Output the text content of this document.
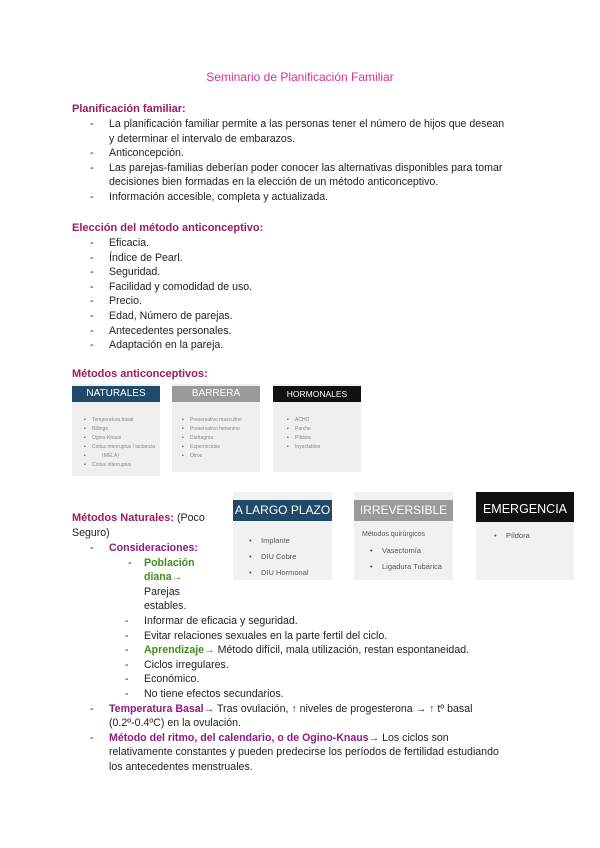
Seminario de Planificación Familiar
Planificación familiar:
- La planificación familiar permite a las personas tener el número de hijos que desean
- y determinar el intervalo de embarazos.
- Anticoncepción.
- Las parejas-familias deberían poder conocer las alternativas disponibles para tomar
- decisiones bien formadas en la elección de un método anticonceptivo.
- Información accesible, completa y actualizada.
Elección del método anticonceptivo:
- Eficacia.
- Índice de Pearl.
- Seguridad.
- Facilidad y comodidad de uso.
- Precio.
- Edad, Número de parejas.
- Antecedentes personales.
- Adaptación en la pareja.
Métodos anticonceptivos:
NATURALES
• Temperatura basal
• Billings
• Ogino-Knaus
• Coitus interruptus / lactancia
• (MELA)
• Coitus interruptus
BARRERA
• Preservativo masculino
• Preservativo femenino
• Diafragma
• Espermicidas
• Otros
HORMONALES
• ACHO
• Parche
• Píldora
• Inyectables
A LARGO PLAZO
• Implante
• DIU Cobre
• DIU Hormonal
IRREVERSIBLE
Métodos quirúrgicos
• Vasectomía
• Ligadura Tubárica
EMERGENCIA
• Píldora
Métodos Naturales: (Poco
Seguro)
- Consideraciones:
- Población
diana→
Parejas
estables.
- Informar de eficacia y seguridad.
- Evitar relaciones sexuales en la parte fertil del ciclo.
- Aprendizaje→ Método difícil, mala utilización, restan espontaneidad.
- Ciclos irregulares.
- Económico.
- No tiene efectos secundarios.
- Temperatura Basal→ Tras ovulación, ↑ niveles de progesterona → ↑ tº basal
(0.2º-0.4ºC) en la ovulación.
- Método del ritmo, del calendario, o de Ogino-Knaus→ Los ciclos son
relativamente constantes y pueden predecirse los períodos de fertilidad estudiando
los antecedentes menstruales.
